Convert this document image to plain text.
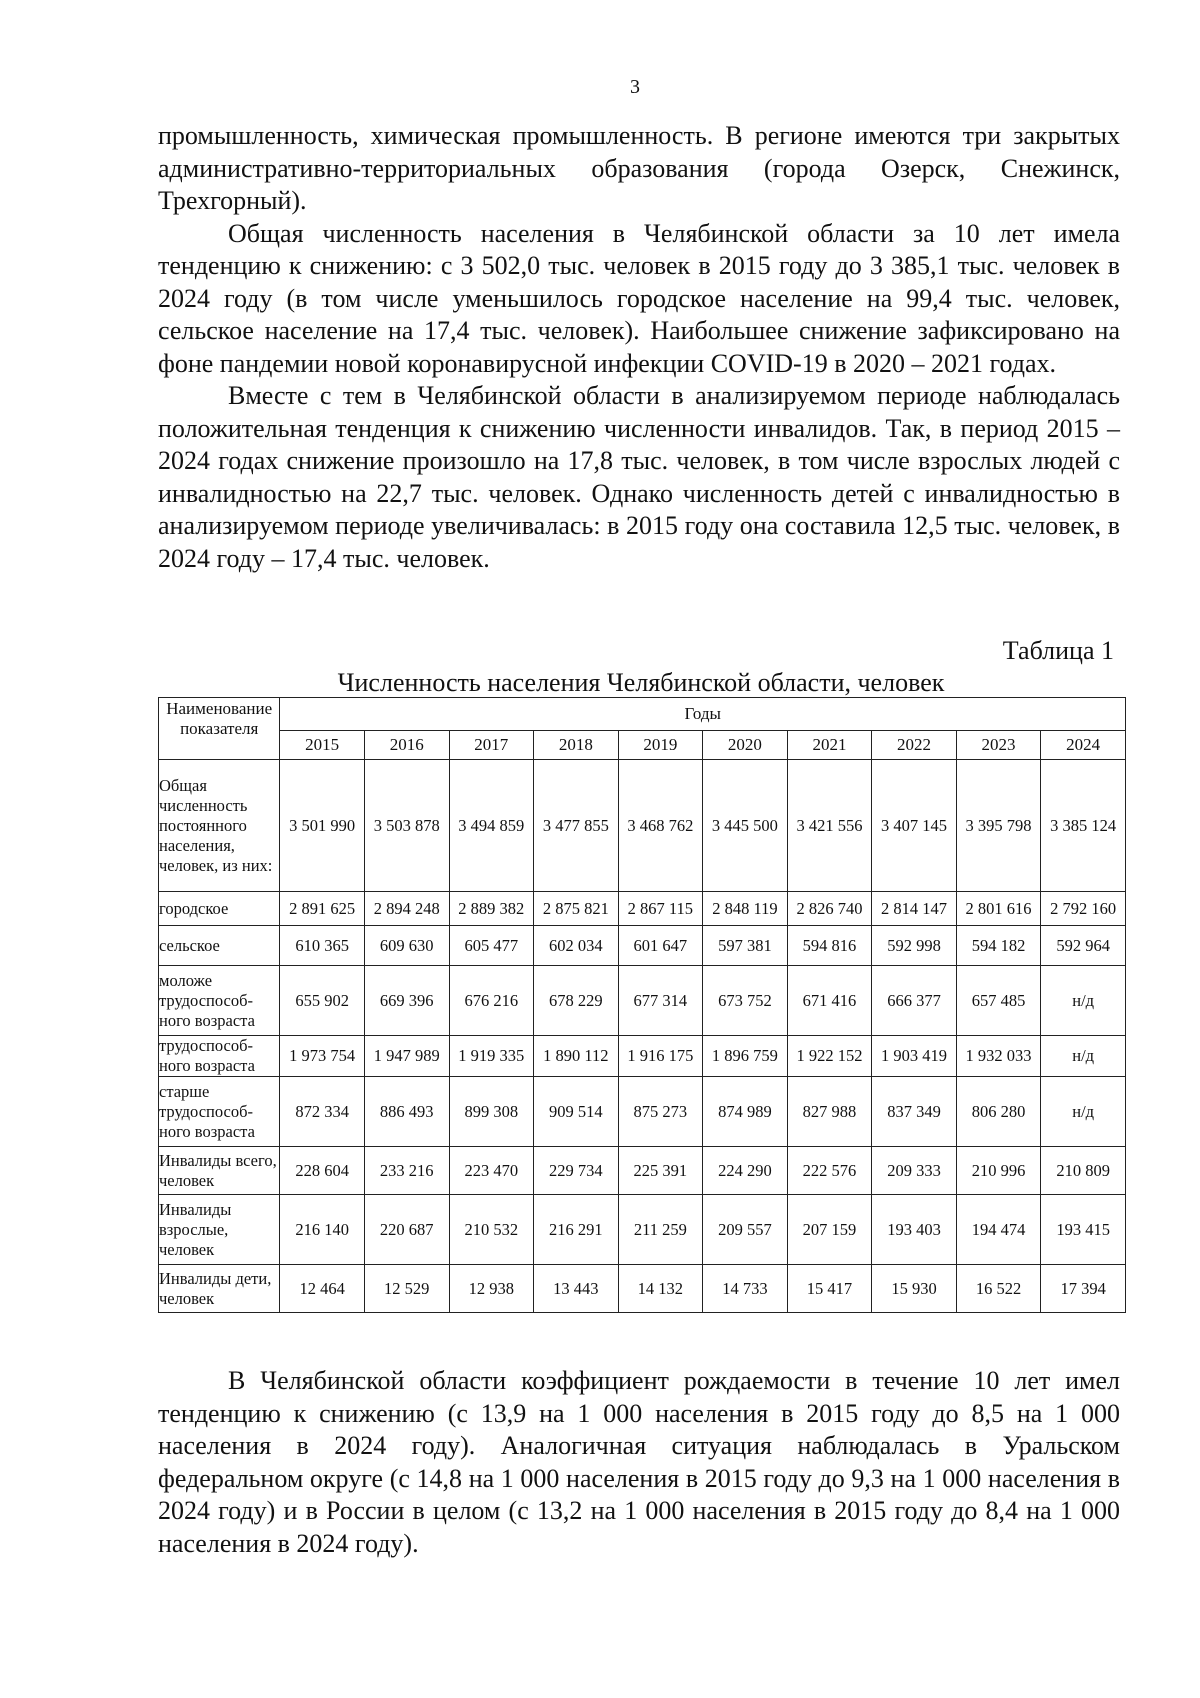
3

промышленность, химическая промышленность. В регионе имеются три закрытых административно-территориальных образования (города Озерск, Снежинск, Трехгорный).

Общая численность населения в Челябинской области за 10 лет имела тенденцию к снижению: с 3 502,0 тыс. человек в 2015 году до 3 385,1 тыс. человек в 2024 году (в том числе уменьшилось городское население на 99,4 тыс. человек, сельское население на 17,4 тыс. человек). Наибольшее снижение зафиксировано на фоне пандемии новой коронавирусной инфекции COVID-19 в 2020 – 2021 годах.

Вместе с тем в Челябинской области в анализируемом периоде наблюдалась положительная тенденция к снижению численности инвалидов. Так, в период 2015 – 2024 годах снижение произошло на 17,8 тыс. человек, в том числе взрослых людей с инвалидностью на 22,7 тыс. человек. Однако численность детей с инвалидностью в анализируемом периоде увеличивалась: в 2015 году она составила 12,5 тыс. человек, в 2024 году – 17,4 тыс. человек.

Таблица 1
Численность населения Челябинской области, человек
Наименование показателя	Годы									
	2015	2016	2017	2018	2019	2020	2021	2022	2023	2024
Общая численность постоянного населения, человек, из них:	3 501 990	3 503 878	3 494 859	3 477 855	3 468 762	3 445 500	3 421 556	3 407 145	3 395 798	3 385 124
городское	2 891 625	2 894 248	2 889 382	2 875 821	2 867 115	2 848 119	2 826 740	2 814 147	2 801 616	2 792 160
сельское	610 365	609 630	605 477	602 034	601 647	597 381	594 816	592 998	594 182	592 964
моложе трудоспособ-ного возраста	655 902	669 396	676 216	678 229	677 314	673 752	671 416	666 377	657 485	н/д
трудоспособ-ного возраста	1 973 754	1 947 989	1 919 335	1 890 112	1 916 175	1 896 759	1 922 152	1 903 419	1 932 033	н/д
старше трудоспособ-ного возраста	872 334	886 493	899 308	909 514	875 273	874 989	827 988	837 349	806 280	н/д
Инвалиды всего, человек	228 604	233 216	223 470	229 734	225 391	224 290	222 576	209 333	210 996	210 809
Инвалиды взрослые, человек	216 140	220 687	210 532	216 291	211 259	209 557	207 159	193 403	194 474	193 415
Инвалиды дети, человек	12 464	12 529	12 938	13 443	14 132	14 733	15 417	15 930	16 522	17 394

В Челябинской области коэффициент рождаемости в течение 10 лет имел тенденцию к снижению (с 13,9 на 1 000 населения в 2015 году до 8,5 на 1 000 населения в 2024 году). Аналогичная ситуация наблюдалась в Уральском федеральном округе (с 14,8 на 1 000 населения в 2015 году до 9,3 на 1 000 населения в 2024 году) и в России в целом (с 13,2 на 1 000 населения в 2015 году до 8,4 на 1 000 населения в 2024 году).
